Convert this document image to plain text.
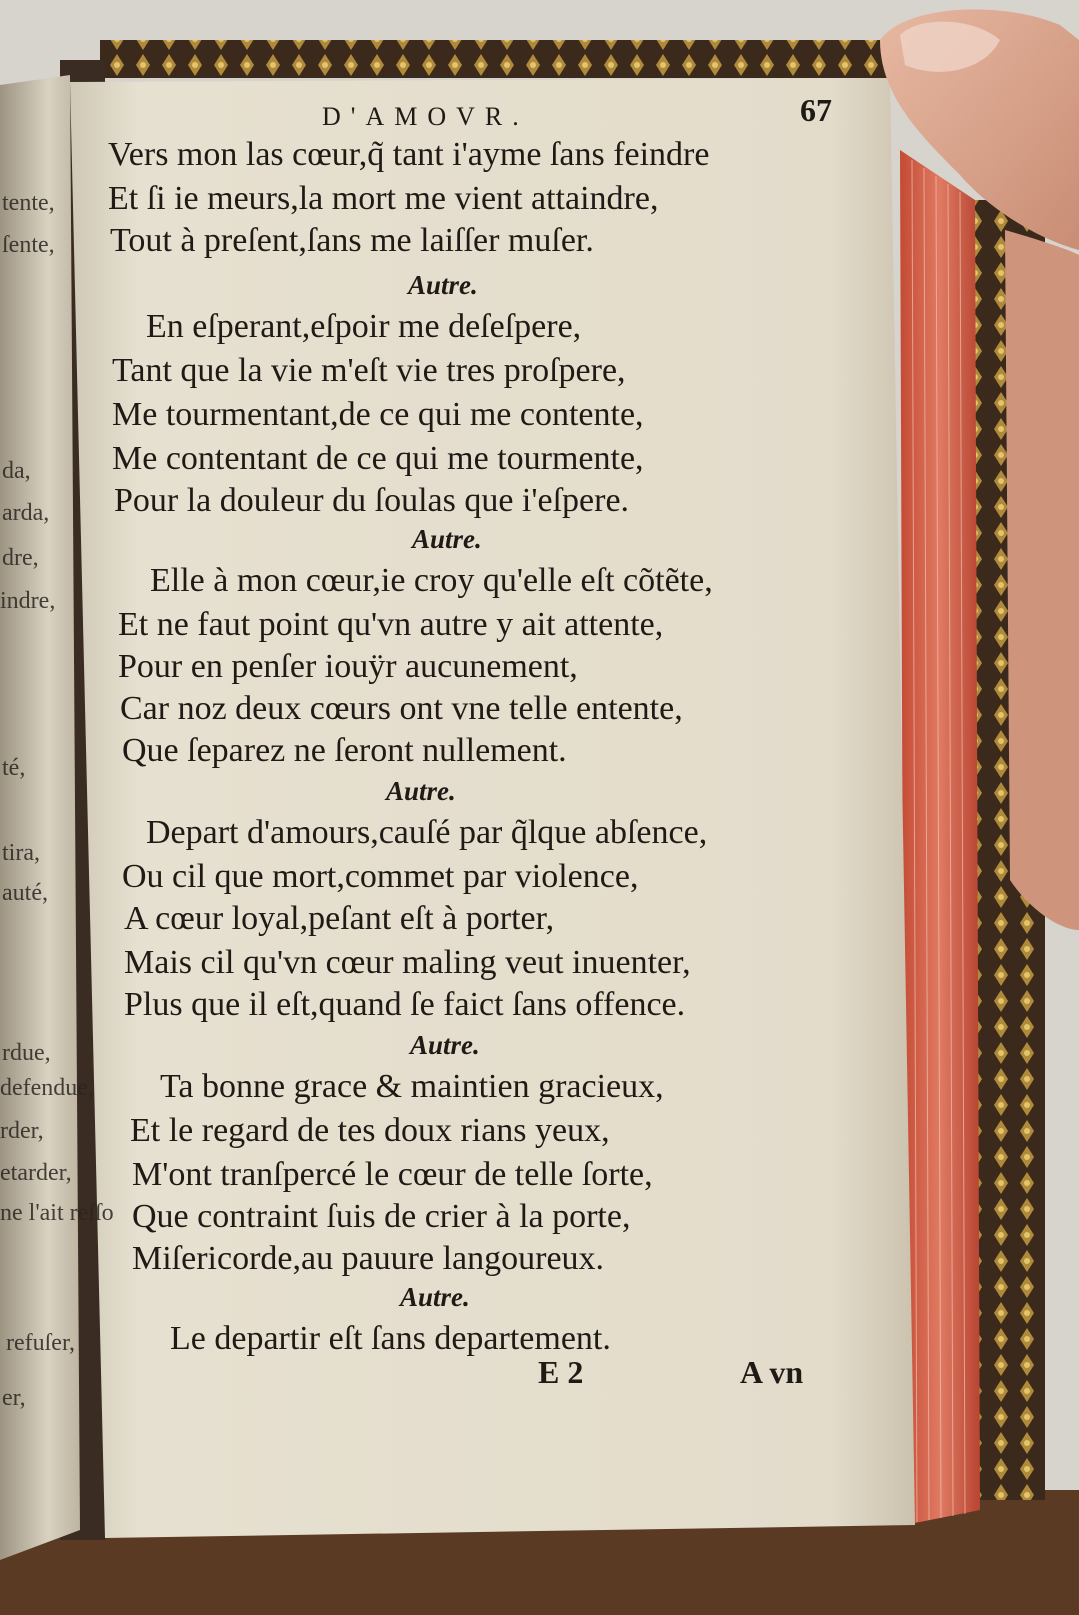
tente,
ſente,
da,
arda,
dre,
indre,
té,
tira,
auté,
rdue,
defendue,
rder,
etarder,
ne l'ait reſſo
refuſer,
er,
D'AMOVR.	67
Vers mon las cœur,q̃ tant i'ayme ſans feindre
Et ſi ie meurs,la mort me vient attaindre,
Tout à preſent,ſans me laiſſer muſer.
Autre.
En eſperant,eſpoir me deſeſpere,
Tant que la vie m'eſt vie tres proſpere,
Me tourmentant,de ce qui me contente,
Me contentant de ce qui me tourmente,
Pour la douleur du ſoulas que i'eſpere.
Autre.
Elle à mon cœur,ie croy qu'elle eſt cõtẽte,
Et ne faut point qu'vn autre y ait attente,
Pour en penſer iouÿr aucunement,
Car noz deux cœurs ont vne telle entente,
Que ſeparez ne ſeront nullement.
Autre.
Depart d'amours,cauſé par q̃lque abſence,
Ou cil que mort,commet par violence,
A cœur loyal,peſant eſt à porter,
Mais cil qu'vn cœur maling veut inuenter,
Plus que il eſt,quand ſe faict ſans offence.
Autre.
Ta bonne grace & maintien gracieux,
Et le regard de tes doux rians yeux,
M'ont tranſpercé le cœur de telle ſorte,
Que contraint ſuis de crier à la porte,
Miſericorde,au pauure langoureux.
Autre.
Le departir eſt ſans departement.
E 2	A vn
